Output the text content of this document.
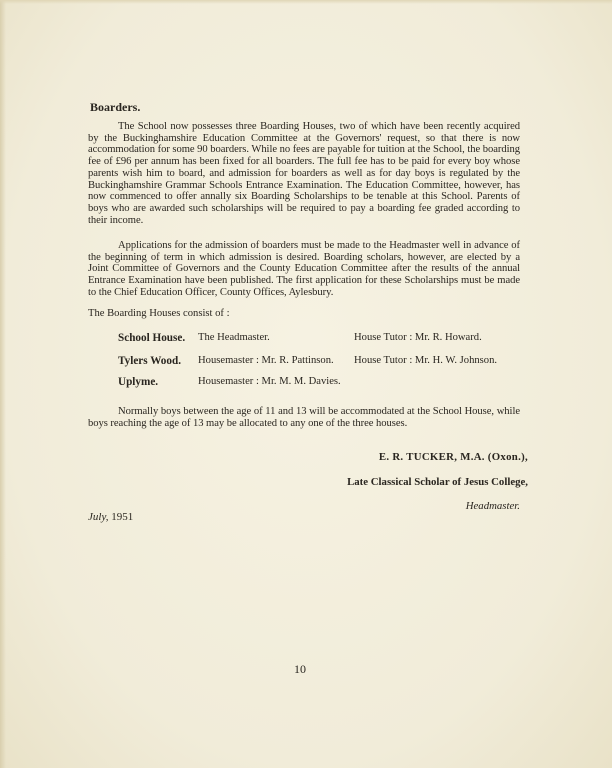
Boarders.

The School now possesses three Boarding Houses, two of which have been recently acquired by the Buckinghamshire Education Committee at the Governors' request, so that there is now accommodation for some 90 boarders. While no fees are payable for tuition at the School, the boarding fee of £96 per annum has been fixed for all boarders. The full fee has to be paid for every boy whose parents wish him to board, and admission for boarders as well as for day boys is regulated by the Buckinghamshire Grammar Schools Entrance Examination. The Education Committee, however, has now commenced to offer annally six Boarding Scholarships to be tenable at this School. Parents of boys who are awarded such scholarships will be required to pay a boarding fee graded according to their income.

Applications for the admission of boarders must be made to the Headmaster well in advance of the beginning of term in which admission is desired. Boarding scholars, however, are elected by a Joint Committee of Governors and the County Education Committee after the results of the annual Entrance Examination have been published. The first application for these Scholarships must be made to the Chief Education Officer, County Offices, Aylesbury.

The Boarding Houses consist of :
School House. The Headmaster.	House Tutor : Mr. R. Howard.
Tylers Wood. Housemaster : Mr. R. Pattinson. House Tutor : Mr. H. W. Johnson.
Uplyme.	Housemaster : Mr. M. M. Davies.

Normally boys between the age of 11 and 13 will be accommodated at the School House, while boys reaching the age of 13 may be allocated to any one of the three houses.

E. R. TUCKER, M.A. (Oxon.),
Late Classical Scholar of Jesus College,
Headmaster.
July, 1951
10
